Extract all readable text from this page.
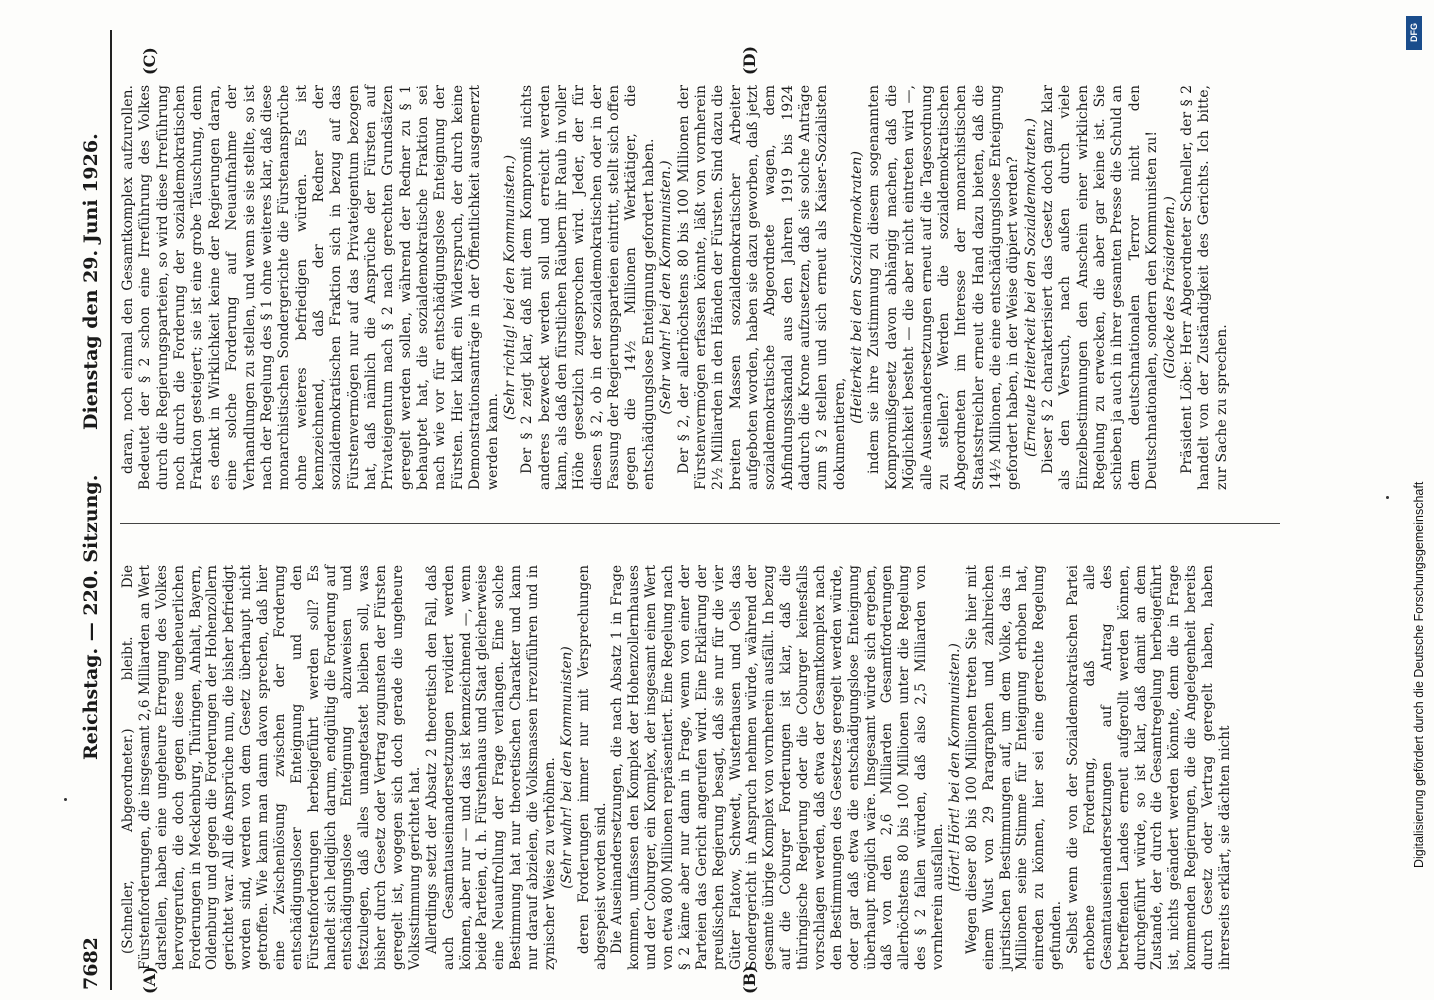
7682
Reichstag. — 220. Sitzung.
Dienstag den 29. Juni 1926.

(Schneller, Abgeordneter.) bleibt. Die Fürstenforderungen, die insgesamt 2,6 Milliarden an Wert darstellen, haben eine ungeheure Erregung des Volkes hervorgerufen, die doch gegen diese ungeheuerlichen Forderungen in Mecklenburg, Thüringen, Anhalt, Bayern, Oldenburg und gegen die Forderungen der Hohenzollern gerichtet war. All die Ansprüche nun, die bisher befriedigt worden sind, werden von dem Gesetz überhaupt nicht getroffen. Wie kann man dann davon sprechen, daß hier eine Zwischenlösung zwischen der Forderung entschädigungsloser Enteignung und den Fürstenforderungen herbeigeführt werden soll? Es handelt sich lediglich darum, endgültig die Forderung auf entschädigungslose Enteignung abzuweisen und festzulegen, daß alles unangetastet bleiben soll, was bisher durch Gesetz oder Vertrag zugunsten der Fürsten geregelt ist, wogegen sich doch gerade die ungeheure Volksstimmung gerichtet hat. Allerdings setzt der Absatz 2 theoretisch den Fall, daß auch Gesamtauseinandersetzungen revidiert werden können, aber nur — und das ist kennzeichnend —, wenn beide Parteien, d. h. Fürstenhaus und Staat gleicherweise eine Neuaufrollung der Frage verlangen. Eine solche Bestimmung hat nur theoretischen Charakter und kann nur darauf abzielen, die Volksmassen irrezuführen und in zynischer Weise zu verhöhnen. (Sehr wahr! bei den Kommunisten) deren Forderungen immer nur mit Versprechungen abgespeist worden sind. Die Auseinandersetzungen, die nach Absatz 1 in Frage kommen, umfassen den Komplex der Hohenzollernhauses und der Coburger, ein Komplex, der insgesamt einen Wert von etwa 800 Millionen repräsentiert. Eine Regelung nach § 2 käme aber nur dann in Frage, wenn von einer der Parteien das Gericht angerufen wird. Eine Erklärung der preußischen Regierung besagt, daß sie nur für die vier Güter Flatow, Schwedt, Wusterhausen und Oels das Sondergericht in Anspruch nehmen würde, während der gesamte übrige Komplex von vornherein ausfällt. In bezug auf die Coburger Forderungen ist klar, daß die thüringische Regierung oder die Coburger keinesfalls vorschlagen werden, daß etwa der Gesamtkomplex nach den Bestimmungen des Gesetzes geregelt werden würde, oder gar daß etwa die entschädigungslose Enteignung überhaupt möglich wäre. Insgesamt würde sich ergeben, daß von den 2,6 Milliarden Gesamtforderungen allerhöchstens 80 bis 100 Millionen unter die Regelung des § 2 fallen würden, daß also 2,5 Milliarden von vornherein ausfallen.

(Hört! Hört! bei den Kommunisten.) Wegen dieser 80 bis 100 Millionen treten Sie hier mit einem Wust von 29 Paragraphen und zahlreichen juristischen Bestimmungen auf, um dem Volke, das in Millionen seine Stimme für Enteignung erhoben hat, einreden zu können, hier sei eine gerechte Regelung gefunden. Selbst wenn die von der Sozialdemokratischen Partei erhobene Forderung, daß alle Gesamtauseinandersetzungen auf Antrag des betreffenden Landes erneut aufgerollt werden können, durchgeführt würde, so ist klar, daß damit an dem Zustande, der durch die Gesamtregelung herbeigeführt ist, nichts geändert werden könnte, denn die in Frage kommenden Regierungen, die die Angelegenheit bereits durch Gesetz oder Vertrag geregelt haben, haben ihrerseits erklärt, sie dächten nicht

daran, noch einmal den Gesamtkomplex aufzurollen. Bedeutet der § 2 schon eine Irreführung des Volkes durch die Regierungsparteien, so wird diese Irreführung noch durch die Forderung der sozialdemokratischen Fraktion gesteigert; sie ist eine grobe Täuschung, denn es denkt in Wirklichkeit keine der Regierungen daran, eine solche Forderung auf Neuaufnahme der Verhandlungen zu stellen, und wenn sie sie stellte, so ist nach der Regelung des § 1 ohne weiteres klar, daß diese monarchistischen Sondergerichte die Fürstenansprüche ohne weiteres befriedigen würden. Es ist kennzeichnend, daß der Redner der sozialdemokratischen Fraktion sich in bezug auf das Fürstenvermögen nur auf das Privateigentum bezogen hat, daß nämlich die Ansprüche der Fürsten auf Privateigentum nach § 2 nach gerechten Grundsätzen geregelt werden sollen, während der Redner zu § 1 behauptet hat, die sozialdemokratische Fraktion sei nach wie vor für entschädigungslose Enteignung der Fürsten. Hier klafft ein Widerspruch, der durch keine Demonstrationsanträge in der Öffentlichkeit ausgemerzt werden kann.

(Sehr richtig! bei den Kommunisten.) Der § 2 zeigt klar, daß mit dem Kompromiß nichts anderes bezweckt werden soll und erreicht werden kann, als daß den fürstlichen Räubern ihr Raub in voller Höhe gesetzlich zugesprochen wird. Jeder, der für diesen § 2, ob in der sozialdemokratischen oder in der Fassung der Regierungsparteien eintritt, stellt sich offen gegen die 14½ Millionen Werktätiger, die entschädigungslose Enteignung gefordert haben. (Sehr wahr! bei den Kommunisten.) Der § 2, der allerhöchstens 80 bis 100 Millionen der Fürstenvermögen erfassen könnte, läßt von vornherein 2½ Milliarden in den Händen der Fürsten. Sind dazu die breiten Massen sozialdemokratischer Arbeiter aufgeboten worden, haben sie dazu geworben, daß jetzt sozialdemokratische Abgeordnete wagen, dem Abfindungsskandal aus den Jahren 1919 bis 1924 dadurch die Krone aufzusetzen, daß sie solche Anträge zum § 2 stellen und sich erneut als Kaiser-Sozialisten dokumentieren,

(Heiterkeit bei den Sozialdemokraten) indem sie ihre Zustimmung zu diesem sogenannten Kompromißgesetz davon abhängig machen, daß die Möglichkeit besteht — die aber nicht eintreten wird —, alle Auseinandersetzungen erneut auf die Tagesordnung zu stellen? Werden die sozialdemokratischen Abgeordneten im Interesse der monarchistischen Staatsstreichler erneut die Hand dazu bieten, daß die 14½ Millionen, die eine entschädigungslose Enteignung gefordert haben, in der Weise düpiert werden? (Erneute Heiterkeit bei den Sozialdemokraten.) Dieser § 2 charakterisiert das Gesetz doch ganz klar als den Versuch, nach außen durch viele Einzelbestimmungen den Anschein einer wirklichen Regelung zu erwecken, die aber gar keine ist. Sie schieben ja auch in ihrer gesamten Presse die Schuld an dem deutschnationalen Terror nicht den Deutschnationalen, sondern den Kommunisten zu! (Glocke des Präsidenten.) Präsident Löbe: Herr Abgeordneter Schneller, der § 2 handelt von der Zuständigkeit des Gerichts. Ich bitte, zur Sache zu sprechen.

(A)	(B)
(C)	(D)
DFG
Digitalisierung gefördert durch die Deutsche Forschungsgemeinschaft
